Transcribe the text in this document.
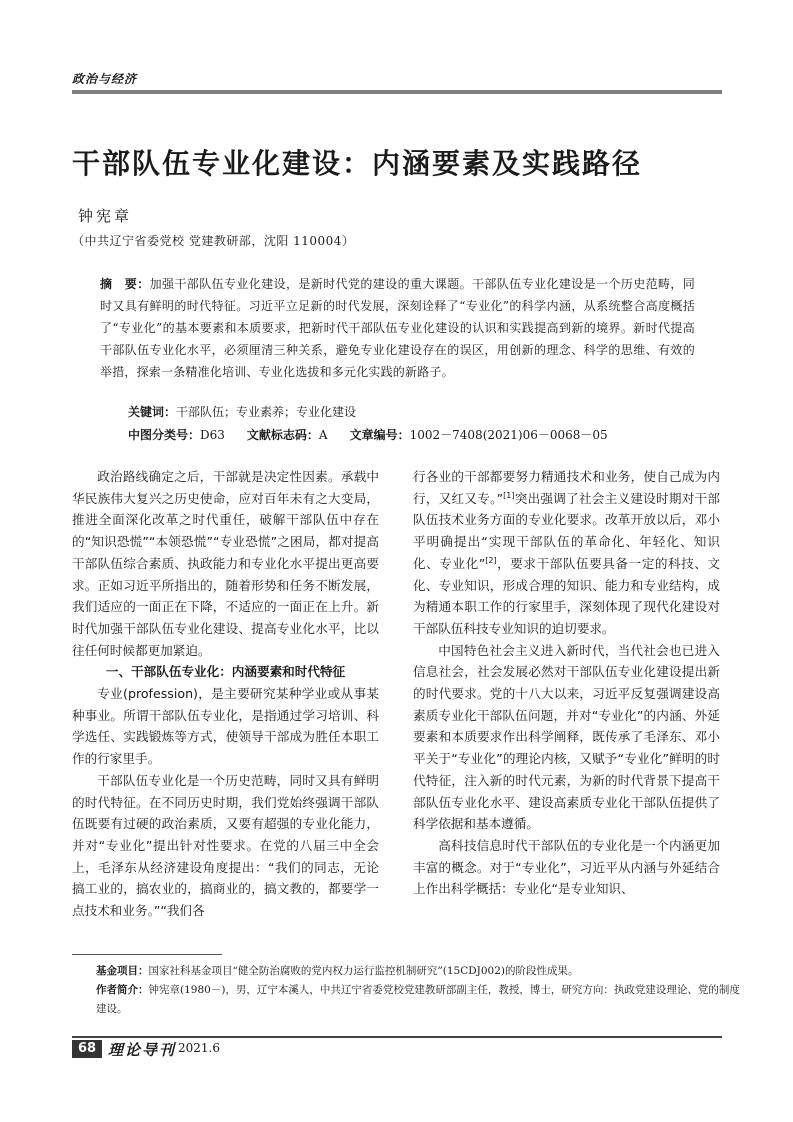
政治与经济
干部队伍专业化建设：内涵要素及实践路径
钟宪章
（中共辽宁省委党校 党建教研部，沈阳 110004）
摘　要：加强干部队伍专业化建设，是新时代党的建设的重大课题。干部队伍专业化建设是一个历史范畴，同时又具有鲜明的时代特征。习近平立足新的时代发展，深刻诠释了“专业化”的科学内涵，从系统整合高度概括了“专业化”的基本要素和本质要求，把新时代干部队伍专业化建设的认识和实践提高到新的境界。新时代提高干部队伍专业化水平，必须厘清三种关系，避免专业化建设存在的误区，用创新的理念、科学的思维、有效的举措，探索一条精准化培训、专业化选拔和多元化实践的新路子。
关键词：干部队伍；专业素养；专业化建设
中图分类号：D63 文献标志码：A 文章编号：1002－7408(2021)06－0068－05

政治路线确定之后，干部就是决定性因素。承载中华民族伟大复兴之历史使命，应对百年未有之大变局，推进全面深化改革之时代重任，破解干部队伍中存在的“知识恐慌”“本领恐慌”“专业恐慌”之困局，都对提高干部队伍综合素质、执政能力和专业化水平提出更高要求。正如习近平所指出的，随着形势和任务不断发展，我们适应的一面正在下降，不适应的一面正在上升。新时代加强干部队伍专业化建设、提高专业化水平，比以往任何时候都更加紧迫。

一、干部队伍专业化：内涵要素和时代特征

专业(profession)，是主要研究某种学业或从事某种事业。所谓干部队伍专业化，是指通过学习培训、科学选任、实践锻炼等方式，使领导干部成为胜任本职工作的行家里手。

干部队伍专业化是一个历史范畴，同时又具有鲜明的时代特征。在不同历史时期，我们党始终强调干部队伍既要有过硬的政治素质，又要有超强的专业化能力，并对“专业化”提出针对性要求。在党的八届三中全会上，毛泽东从经济建设角度提出：“我们的同志，无论搞工业的，搞农业的，搞商业的，搞文教的，都要学一点技术和业务。”“我们各

行各业的干部都要努力精通技术和业务，使自己成为内行，又红又专。”[1]突出强调了社会主义建设时期对干部队伍技术业务方面的专业化要求。改革开放以后，邓小平明确提出“实现干部队伍的革命化、年轻化、知识化、专业化”[2]，要求干部队伍要具备一定的科技、文化、专业知识，形成合理的知识、能力和专业结构，成为精通本职工作的行家里手，深刻体现了现代化建设对干部队伍科技专业知识的迫切要求。

中国特色社会主义进入新时代，当代社会也已进入信息社会，社会发展必然对干部队伍专业化建设提出新的时代要求。党的十八大以来，习近平反复强调建设高素质专业化干部队伍问题，并对“专业化”的内涵、外延要素和本质要求作出科学阐释，既传承了毛泽东、邓小平关于“专业化”的理论内核，又赋予“专业化”鲜明的时代特征，注入新的时代元素，为新的时代背景下提高干部队伍专业化水平、建设高素质专业化干部队伍提供了科学依据和基本遵循。

高科技信息时代干部队伍的专业化是一个内涵更加丰富的概念。对于“专业化”，习近平从内涵与外延结合上作出科学概括：专业化“是专业知识、

基金项目：国家社科基金项目“健全防治腐败的党内权力运行监控机制研究”(15CDJ002)的阶段性成果。
作者简介：钟宪章(1980－)，男，辽宁本溪人，中共辽宁省委党校党建教研部副主任，教授，博士，研究方向：执政党建设理论、党的制度建设。
68 理论导刊 2021.6
